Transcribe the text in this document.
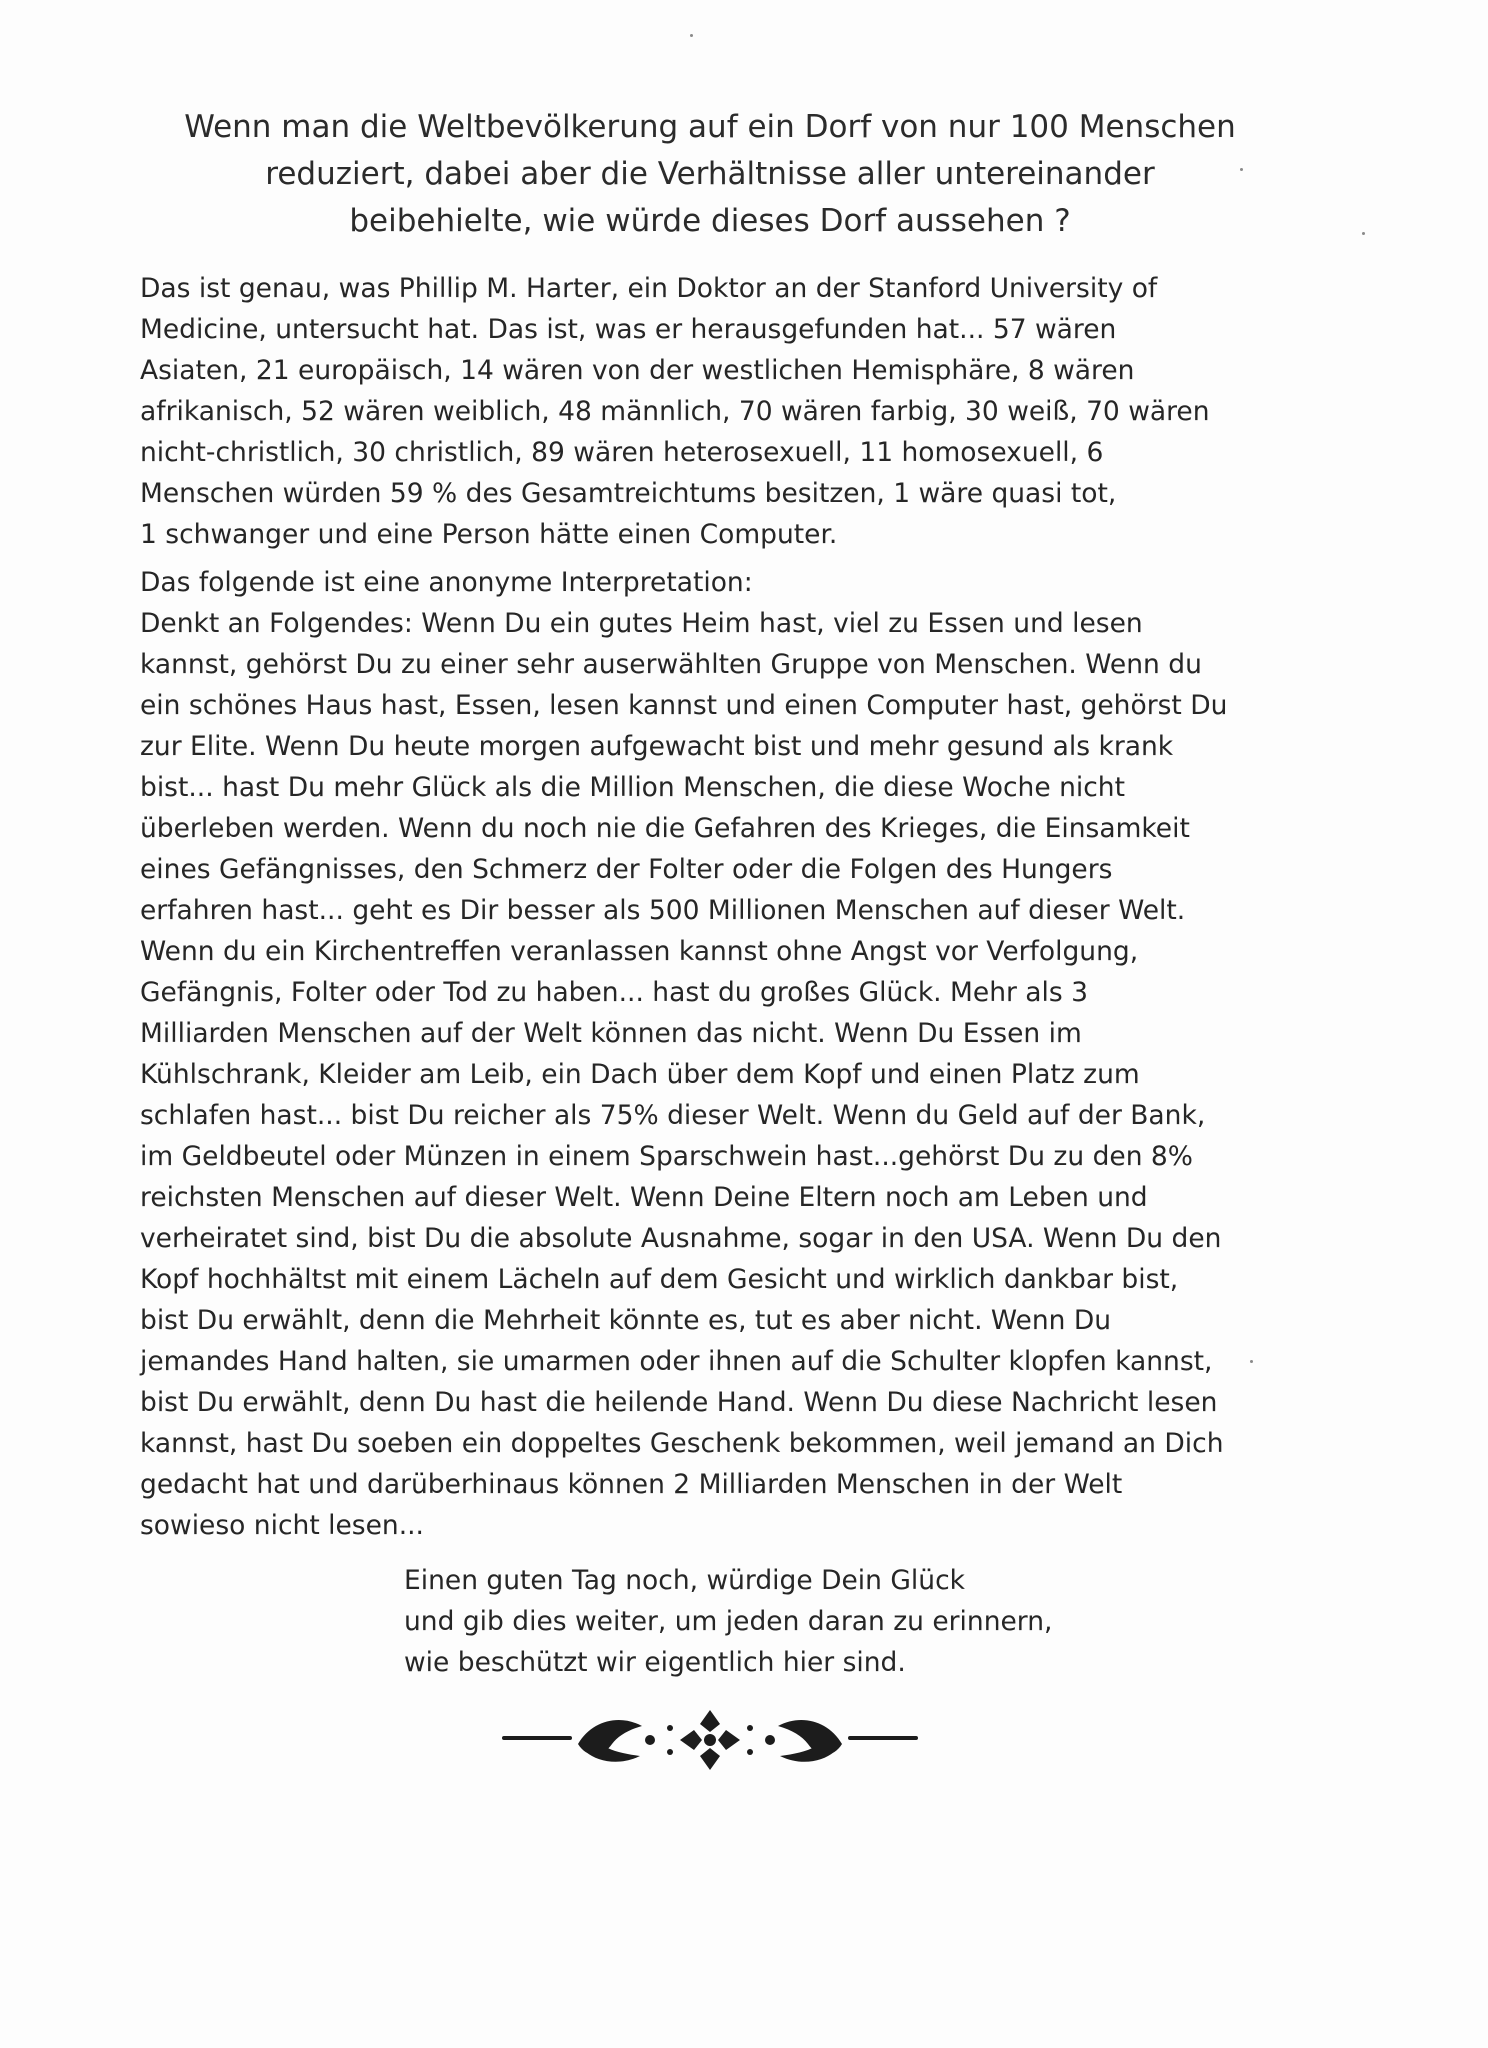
Wenn man die Weltbevölkerung auf ein Dorf von nur 100 Menschen
reduziert, dabei aber die Verhältnisse aller untereinander
beibehielte, wie würde dieses Dorf aussehen ?
Das ist genau, was Phillip M. Harter, ein Doktor an der Stanford University of
Medicine, untersucht hat. Das ist, was er herausgefunden hat... 57 wären
Asiaten, 21 europäisch, 14 wären von der westlichen Hemisphäre, 8 wären
afrikanisch, 52 wären weiblich, 48 männlich, 70 wären farbig, 30 weiß, 70 wären
nicht-christlich, 30 christlich, 89 wären heterosexuell, 11 homosexuell, 6
Menschen würden 59 % des Gesamtreichtums besitzen, 1 wäre quasi tot,
1 schwanger und eine Person hätte einen Computer.
Das folgende ist eine anonyme Interpretation:
Denkt an Folgendes: Wenn Du ein gutes Heim hast, viel zu Essen und lesen
kannst, gehörst Du zu einer sehr auserwählten Gruppe von Menschen. Wenn du
ein schönes Haus hast, Essen, lesen kannst und einen Computer hast, gehörst Du
zur Elite. Wenn Du heute morgen aufgewacht bist und mehr gesund als krank
bist... hast Du mehr Glück als die Million Menschen, die diese Woche nicht
überleben werden. Wenn du noch nie die Gefahren des Krieges, die Einsamkeit
eines Gefängnisses, den Schmerz der Folter oder die Folgen des Hungers
erfahren hast... geht es Dir besser als 500 Millionen Menschen auf dieser Welt.
Wenn du ein Kirchentreffen veranlassen kannst ohne Angst vor Verfolgung,
Gefängnis, Folter oder Tod zu haben... hast du großes Glück. Mehr als 3
Milliarden Menschen auf der Welt können das nicht. Wenn Du Essen im
Kühlschrank, Kleider am Leib, ein Dach über dem Kopf und einen Platz zum
schlafen hast... bist Du reicher als 75% dieser Welt. Wenn du Geld auf der Bank,
im Geldbeutel oder Münzen in einem Sparschwein hast...gehörst Du zu den 8%
reichsten Menschen auf dieser Welt. Wenn Deine Eltern noch am Leben und
verheiratet sind, bist Du die absolute Ausnahme, sogar in den USA. Wenn Du den
Kopf hochhältst mit einem Lächeln auf dem Gesicht und wirklich dankbar bist,
bist Du erwählt, denn die Mehrheit könnte es, tut es aber nicht. Wenn Du
jemandes Hand halten, sie umarmen oder ihnen auf die Schulter klopfen kannst,
bist Du erwählt, denn Du hast die heilende Hand. Wenn Du diese Nachricht lesen
kannst, hast Du soeben ein doppeltes Geschenk bekommen, weil jemand an Dich
gedacht hat und darüberhinaus können 2 Milliarden Menschen in der Welt
sowieso nicht lesen...
Einen guten Tag noch, würdige Dein Glück
und gib dies weiter, um jeden daran zu erinnern,
wie beschützt wir eigentlich hier sind.
